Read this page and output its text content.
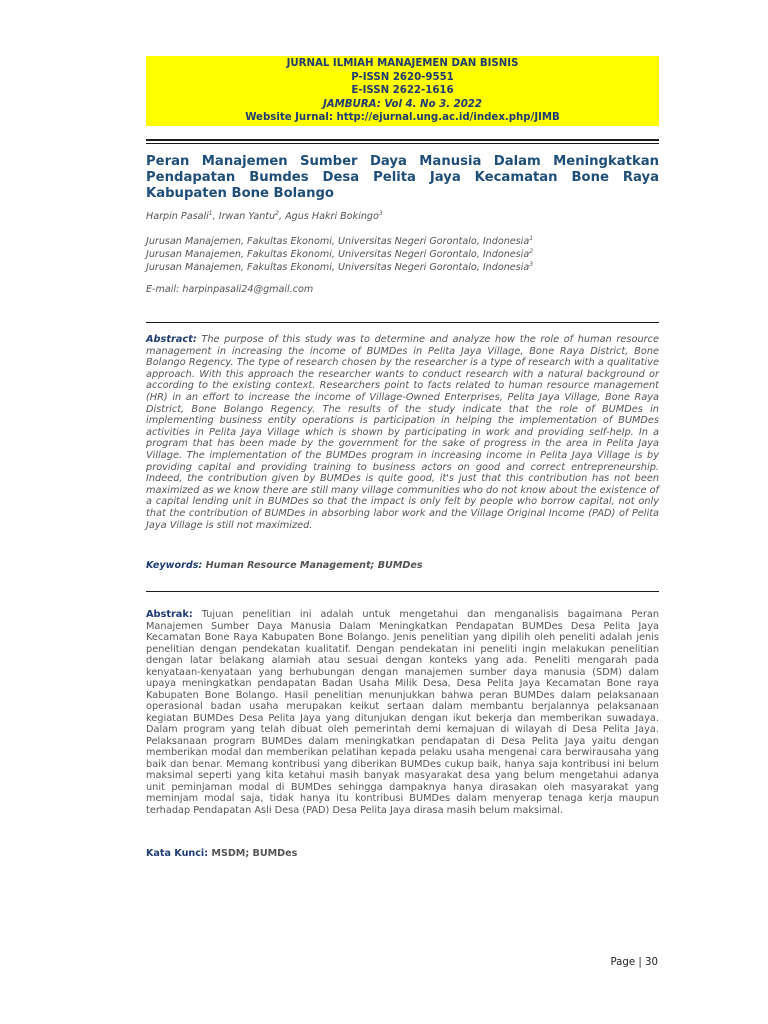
JURNAL ILMIAH MANAJEMEN DAN BISNIS
P-ISSN 2620-9551
E-ISSN 2622-1616
JAMBURA: Vol 4. No 3. 2022
Website Jurnal: http://ejurnal.ung.ac.id/index.php/JIMB
Peran Manajemen Sumber Daya Manusia Dalam Meningkatkan
Pendapatan Bumdes Desa Pelita Jaya Kecamatan Bone Raya
Kabupaten Bone Bolango
Harpin Pasali$^1$, Irwan Yantu$^2$, Agus Hakri Bokingo$^3$
Jurusan Manajemen, Fakultas Ekonomi, Universitas Negeri Gorontalo, Indonesia$^1$
Jurusan Manajemen, Fakultas Ekonomi, Universitas Negeri Gorontalo, Indonesia$^2$
Jurusan Manajemen, Fakultas Ekonomi, Universitas Negeri Gorontalo, Indonesia$^3$
E-mail: harpinpasali24@gmail.com
Abstract: The purpose of this study was to determine and analyze how the role of human resource management in increasing the income of BUMDes in Pelita Jaya Village, Bone Raya District, Bone Bolango Regency. The type of research chosen by the researcher is a type of research with a qualitative approach. With this approach the researcher wants to conduct research with a natural background or according to the existing context. Researchers point to facts related to human resource management (HR) in an effort to increase the income of Village-Owned Enterprises, Pelita Jaya Village, Bone Raya District, Bone Bolango Regency. The results of the study indicate that the role of BUMDes in implementing business entity operations is participation in helping the implementation of BUMDes activities in Pelita Jaya Village which is shown by participating in work and providing self-help. In a program that has been made by the government for the sake of progress in the area in Pelita Jaya Village. The implementation of the BUMDes program in increasing income in Pelita Jaya Village is by providing capital and providing training to business actors on good and correct entrepreneurship. Indeed, the contribution given by BUMDes is quite good, it's just that this contribution has not been maximized as we know there are still many village communities who do not know about the existence of a capital lending unit in BUMDes so that the impact is only felt by people who borrow capital, not only that the contribution of BUMDes in absorbing labor work and the Village Original Income (PAD) of Pelita Jaya Village is still not maximized.
Keywords: Human Resource Management; BUMDes
Abstrak: Tujuan penelitian ini adalah untuk mengetahui dan menganalisis bagaimana Peran Manajemen Sumber Daya Manusia Dalam Meningkatkan Pendapatan BUMDes Desa Pelita Jaya Kecamatan Bone Raya Kabupaten Bone Bolango. Jenis penelitian yang dipilih oleh peneliti adalah jenis penelitian dengan pendekatan kualitatif. Dengan pendekatan ini peneliti ingin melakukan penelitian dengan latar belakang alamiah atau sesuai dengan konteks yang ada. Peneliti mengarah pada kenyataan-kenyataan yang berhubungan dengan manajemen sumber daya manusia (SDM) dalam upaya meningkatkan pendapatan Badan Usaha Milik Desa, Desa Pelita Jaya Kecamatan Bone raya Kabupaten Bone Bolango. Hasil penelitian menunjukkan bahwa peran BUMDes dalam pelaksanaan operasional badan usaha merupakan keikut sertaan dalam membantu berjalannya pelaksanaan kegiatan BUMDes Desa Pelita Jaya yang ditunjukan dengan ikut bekerja dan memberikan suwadaya. Dalam program yang telah dibuat oleh pemerintah demi kemajuan di wilayah di Desa Pelita Jaya. Pelaksanaan program BUMDes dalam meningkatkan pendapatan di Desa Pelita Jaya yaitu dengan memberikan modal dan memberikan pelatihan kepada pelaku usaha mengenai cara berwirausaha yang baik dan benar. Memang kontribusi yang diberikan BUMDes cukup baik, hanya saja kontribusi ini belum maksimal seperti yang kita ketahui masih banyak masyarakat desa yang belum mengetahui adanya unit peminjaman modal di BUMDes sehingga dampaknya hanya dirasakan oleh masyarakat yang meminjam modal saja, tidak hanya itu kontribusi BUMDes dalam menyerap tenaga kerja maupun terhadap Pendapatan Asli Desa (PAD) Desa Pelita Jaya dirasa masih belum maksimal.
Kata Kunci: MSDM; BUMDes
Page | 30
